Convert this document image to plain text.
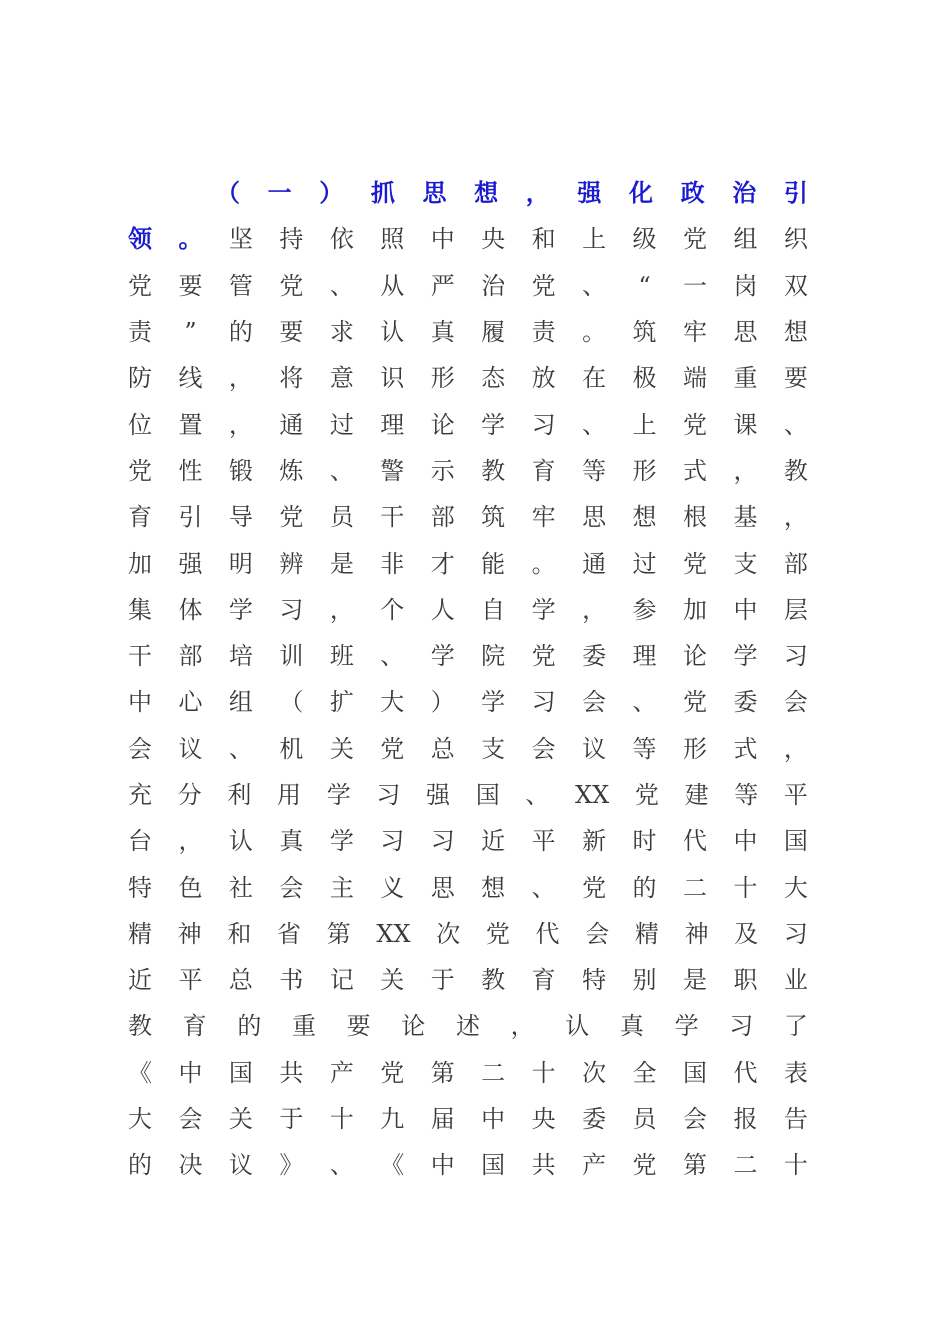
（ 一 ） 抓 思 想 ， 强 化 政 治 引
领 。 坚 持 依 照 中 央 和 上 级 党 组 织
党 要 管 党 、 从 严 治 党 、 “ 一 岗 双
责 ” 的 要 求 认 真 履 责 。 筑 牢 思 想
防 线 ， 将 意 识 形 态 放 在 极 端 重 要
位 置 ， 通 过 理 论 学 习 、 上 党 课 、
党 性 锻 炼 、 警 示 教 育 等 形 式 ， 教
育 引 导 党 员 干 部 筑 牢 思 想 根 基 ，
加 强 明 辨 是 非 才 能 。 通 过 党 支 部
集 体 学 习 ， 个 人 自 学 ， 参 加 中 层
干 部 培 训 班 、 学 院 党 委 理 论 学 习
中 心 组 （ 扩 大 ） 学 习 会 、 党 委 会
会 议 、 机 关 党 总 支 会 议 等 形 式 ，
充 分 利 用 学 习 强 国 、 XX 党 建 等 平
台 ， 认 真 学 习 习 近 平 新 时 代 中 国
特 色 社 会 主 义 思 想 、 党 的 二 十 大
精 神 和 省 第 XX 次 党 代 会 精 神 及 习
近 平 总 书 记 关 于 教 育 特 别 是 职 业
教 育 的 重 要 论 述 ， 认 真 学 习 了
《 中 国 共 产 党 第 二 十 次 全 国 代 表
大 会 关 于 十 九 届 中 央 委 员 会 报 告
的 决 议 》 、 《 中 国 共 产 党 第 二 十
